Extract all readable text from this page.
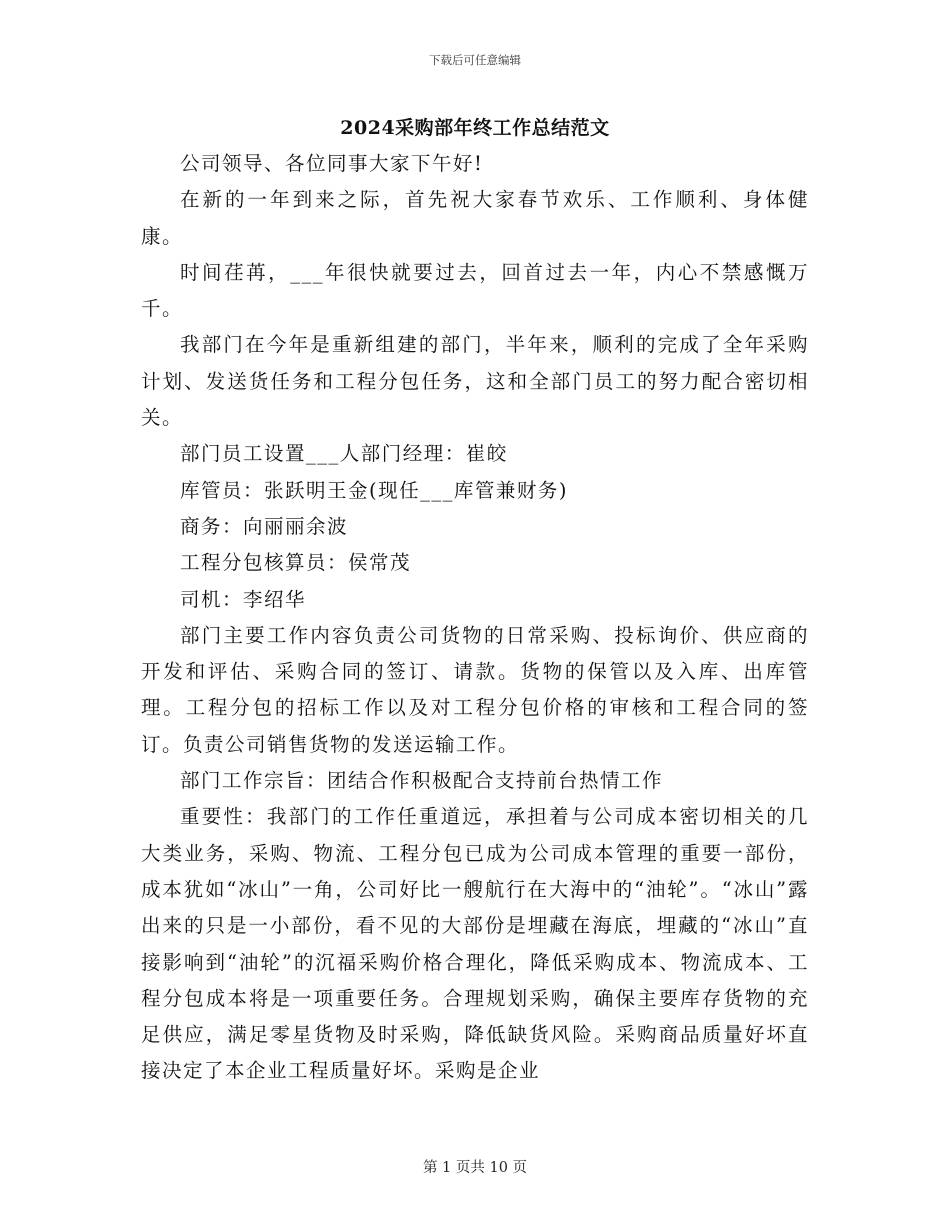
下载后可任意编辑
2024采购部年终工作总结范文

公司领导、各位同事大家下午好!

在新的一年到来之际，首先祝大家春节欢乐、工作顺利、身体健康。

时间荏苒，___年很快就要过去，回首过去一年，内心不禁感慨万千。

我部门在今年是重新组建的部门，半年来，顺利的完成了全年采购计划、发送货任务和工程分包任务，这和全部门员工的努力配合密切相关。

部门员工设置___人部门经理：崔皎

库管员：张跃明王金(现任___库管兼财务)

商务：向丽丽余波

工程分包核算员：侯常茂

司机：李绍华

部门主要工作内容负责公司货物的日常采购、投标询价、供应商的开发和评估、采购合同的签订、请款。货物的保管以及入库、出库管理。工程分包的招标工作以及对工程分包价格的审核和工程合同的签订。负责公司销售货物的发送运输工作。

部门工作宗旨：团结合作积极配合支持前台热情工作

重要性：我部门的工作任重道远，承担着与公司成本密切相关的几大类业务，采购、物流、工程分包已成为公司成本管理的重要一部份，成本犹如“冰山”一角，公司好比一艘航行在大海中的“油轮”。“冰山”露出来的只是一小部份，看不见的大部份是埋藏在海底，埋藏的“冰山”直接影响到“油轮”的沉福采购价格合理化，降低采购成本、物流成本、工程分包成本将是一项重要任务。合理规划采购，确保主要库存货物的充足供应，满足零星货物及时采购，降低缺货风险。采购商品质量好坏直接决定了本企业工程质量好坏。采购是企业

第 1 页共 10 页
